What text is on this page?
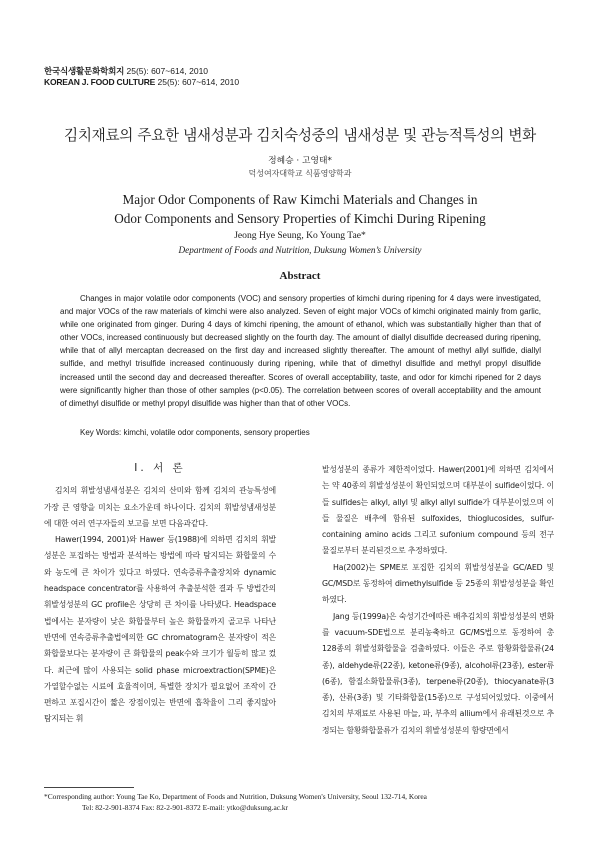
한국식생활문화학회지 25(5): 607~614, 2010
KOREAN J. FOOD CULTURE 25(5): 607~614, 2010
김치재료의 주요한 냄새성분과 김치숙성중의 냄새성분 및 관능적특성의 변화
정혜승 · 고영태*
덕성여자대학교 식품영양학과
Major Odor Components of Raw Kimchi Materials and Changes in
Odor Components and Sensory Properties of Kimchi During Ripening
Jeong Hye Seung, Ko Young Tae*
Department of Foods and Nutrition, Duksung Women’s University
Abstract

Changes in major volatile odor components (VOC) and sensory properties of kimchi during ripening for 4 days were investigated, and major VOCs of the raw materials of kimchi were also analyzed. Seven of eight major VOCs of kimchi originated mainly from garlic, while one originated from ginger. During 4 days of kimchi ripening, the amount of ethanol, which was substantially higher than that of other VOCs, increased continuously but decreased slightly on the fourth day. The amount of diallyl disulfide decreased during ripening, while that of allyl mercaptan decreased on the first day and increased slightly thereafter. The amount of methyl allyl sulfide, diallyl sulfide, and methyl trisulfide increased continuously during ripening, while that of dimethyl disulfide and methyl propyl disulfide increased until the second day and decreased thereafter. Scores of overall acceptability, taste, and odor for kimchi ripened for 2 days were significantly higher than those of other samples (p<0.05). The correlation between scores of overall acceptability and the amount of dimethyl disulfide or methyl propyl disulfide was higher than that of other VOCs.

Key Words: kimchi, volatile odor components, sensory properties
Ⅰ. 서 론

김치의 휘발성냄새성분은 김치의 산미와 함께 김치의 관능특성에 가장 큰 영향을 미치는 요소가운데 하나이다. 김치의 휘발성냄새성분에 대한 여러 연구자들의 보고를 보면 다음과같다.

Hawer(1994, 2001)와 Hawer 등(1988)에 의하면 김치의 휘발성분은 포집하는 방법과 분석하는 방법에 따라 탐지되는 화합물의 수와 농도에 큰 차이가 있다고 하였다. 연속증류추출장치와 dynamic headspace concentrator를 사용하여 추출분석한 결과 두 방법간의 휘발성성분의 GC profile은 상당히 큰 차이를 나타냈다. Headspace법에서는 분자량이 낮은 화합물부터 높은 화합물까지 골고루 나타난 반면에 연속증류추출법에의한 GC chromatogram은 분자량이 적은 화합물보다는 분자량이 큰 화합물의 peak수와 크기가 월등히 많고 컸다. 최근에 많이 사용되는 solid phase microextraction(SPME)은 가열할수없는 시료에 효율적이며, 특별한 장치가 필요없어 조작이 간편하고 포집시간이 짧은 장점이있는 반면에 흡착율이 그리 좋지않아 탐지되는 휘

발성성분의 종류가 제한적이었다. Hawer(2001)에 의하면 김치에서는 약 40종의 휘발성성분이 확인되었으며 대부분이 sulfide이었다. 이들 sulfides는 alkyl, allyl 및 alkyl allyl sulfide가 대부분이었으며 이들 물질은 배추에 함유된 sulfoxides, thioglucosides, sulfur-containing amino acids 그리고 sufonium compound 등의 전구물질로부터 분리된것으로 추정하였다.

Ha(2002)는 SPME로 포집한 김치의 휘발성성분을 GC/AED 및 GC/MSD로 동정하여 dimethylsulfide 등 25종의 휘발성성분을 확인하였다.

Jang 등(1999a)은 숙성기간에따른 배추김치의 휘발성성분의 변화를 vacuum-SDE법으로 분리농축하고 GC/MS법으로 동정하여 총 128종의 휘발성화합물을 검출하였다. 이들은 주로 함황화합물류(24종), aldehyde류(22종), ketone류(9종), alcohol류(23종), ester류(6종), 함질소화합물류(3종), terpene류(20종), thiocyanate류(3종), 산류(3종) 및 기타화합물(15종)으로 구성되어있었다. 이중에서 김치의 부재료로 사용된 마늘, 파, 부추의 allium에서 유래된것으로 추정되는 함황화합물류가 김치의 휘발성성분의 함량면에서

*Corresponding author: Young Tae Ko, Department of Foods and Nutrition, Duksung Women's University, Seoul 132-714, Korea
Tel: 82-2-901-8374 Fax: 82-2-901-8372 E-mail: ytko@duksung.ac.kr
